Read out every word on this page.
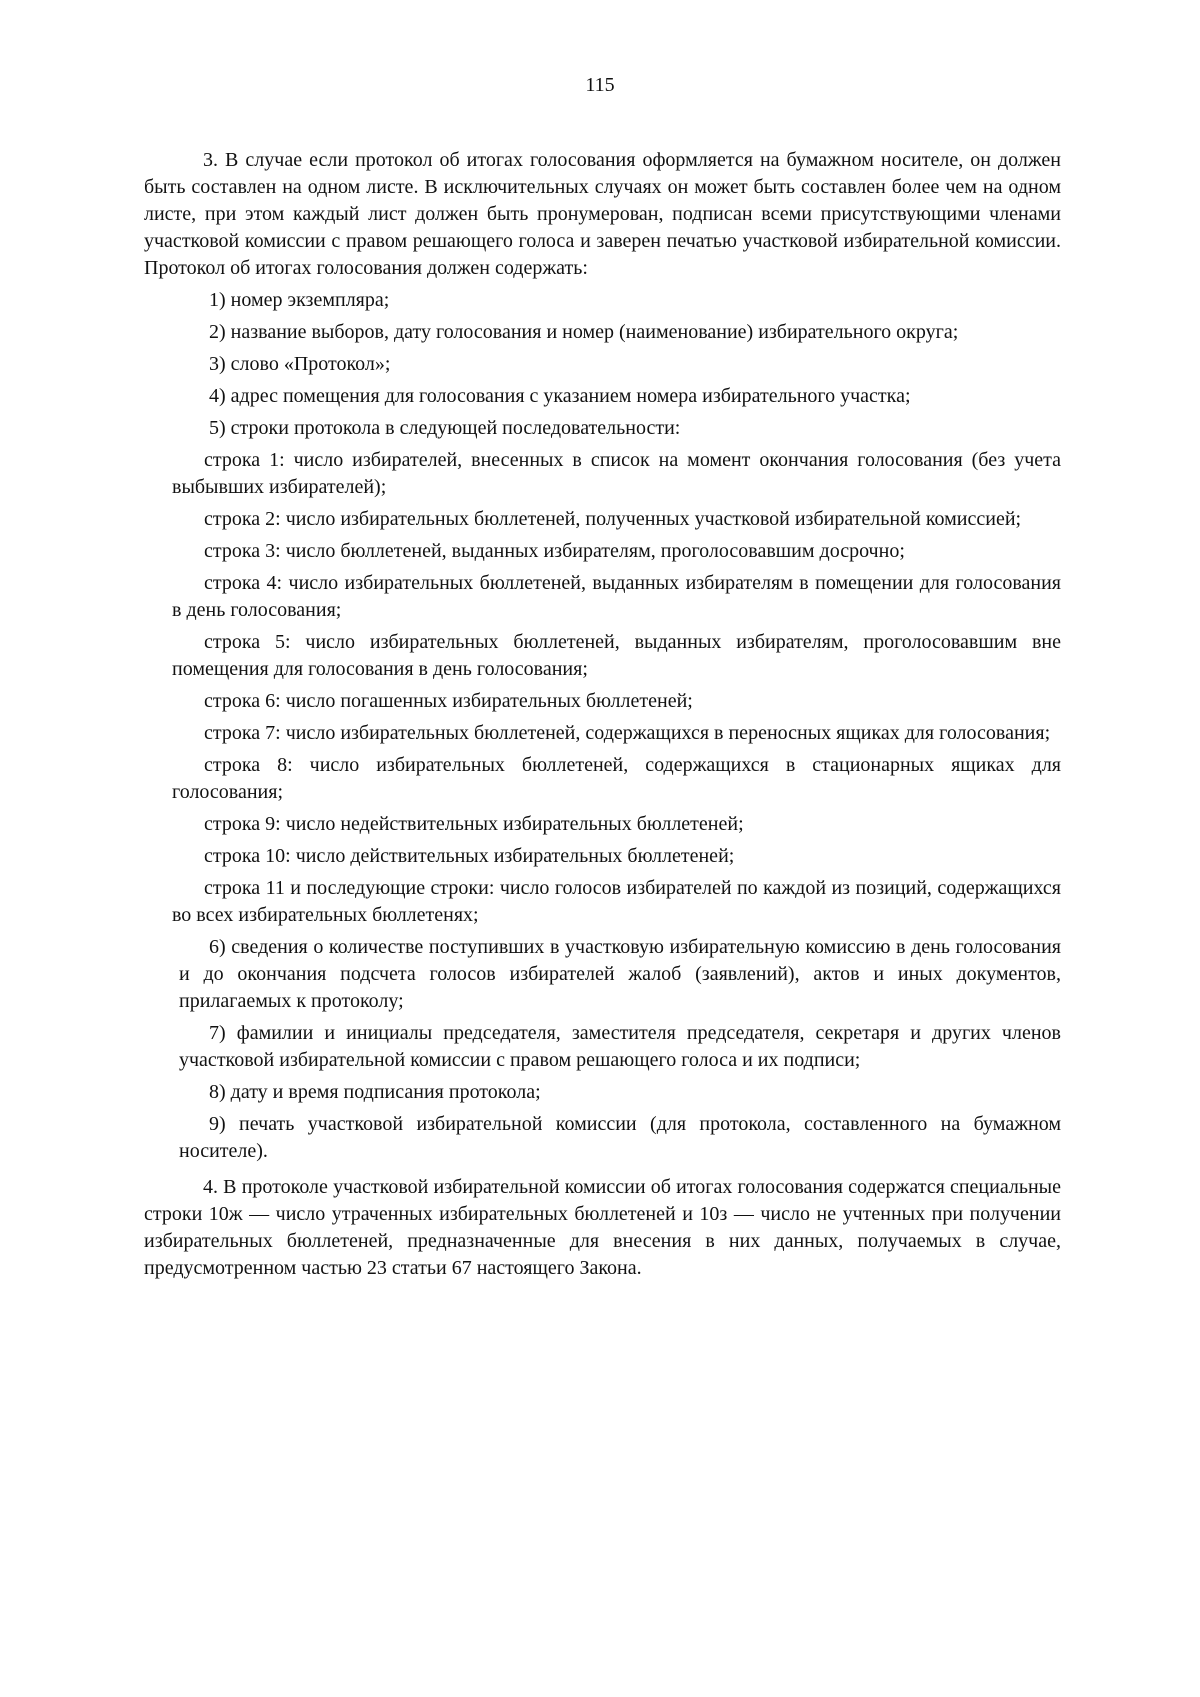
115

3. В случае если протокол об итогах голосования оформляется на бумажном носителе, он должен быть составлен на одном листе. В исключительных случаях он может быть составлен более чем на одном листе, при этом каждый лист должен быть пронумерован, подписан всеми присутствующими членами участковой комиссии с правом решающего голоса и заверен печатью участковой избирательной комиссии. Протокол об итогах голосования должен содержать:

1) номер экземпляра;

2) название выборов, дату голосования и номер (наименование) избирательного округа;

3) слово «Протокол»;

4) адрес помещения для голосования с указанием номера избирательного участка;

5) строки протокола в следующей последовательности:

строка 1: число избирателей, внесенных в список на момент окончания голосования (без учета выбывших избирателей);

строка 2: число избирательных бюллетеней, полученных участковой избирательной комиссией;

строка 3: число бюллетеней, выданных избирателям, проголосовавшим досрочно;

строка 4: число избирательных бюллетеней, выданных избирателям в помещении для голосования в день голосования;

строка 5: число избирательных бюллетеней, выданных избирателям, проголосовавшим вне помещения для голосования в день голосования;

строка 6: число погашенных избирательных бюллетеней;

строка 7: число избирательных бюллетеней, содержащихся в переносных ящиках для голосования;

строка 8: число избирательных бюллетеней, содержащихся в стационарных ящиках для голосования;

строка 9: число недействительных избирательных бюллетеней;

строка 10: число действительных избирательных бюллетеней;

строка 11 и последующие строки: число голосов избирателей по каждой из позиций, содержащихся во всех избирательных бюллетенях;

6) сведения о количестве поступивших в участковую избирательную комиссию в день голосования и до окончания подсчета голосов избирателей жалоб (заявлений), актов и иных документов, прилагаемых к протоколу;

7) фамилии и инициалы председателя, заместителя председателя, секретаря и других членов участковой избирательной комиссии с правом решающего голоса и их подписи;

8) дату и время подписания протокола;

9) печать участковой избирательной комиссии (для протокола, составленного на бумажном носителе).

4. В протоколе участковой избирательной комиссии об итогах голосования содержатся специальные строки 10ж — число утраченных избирательных бюллетеней и 10з — число не учтенных при получении избирательных бюллетеней, предназначенные для внесения в них данных, получаемых в случае, предусмотренном частью 23 статьи 67 настоящего Закона.
